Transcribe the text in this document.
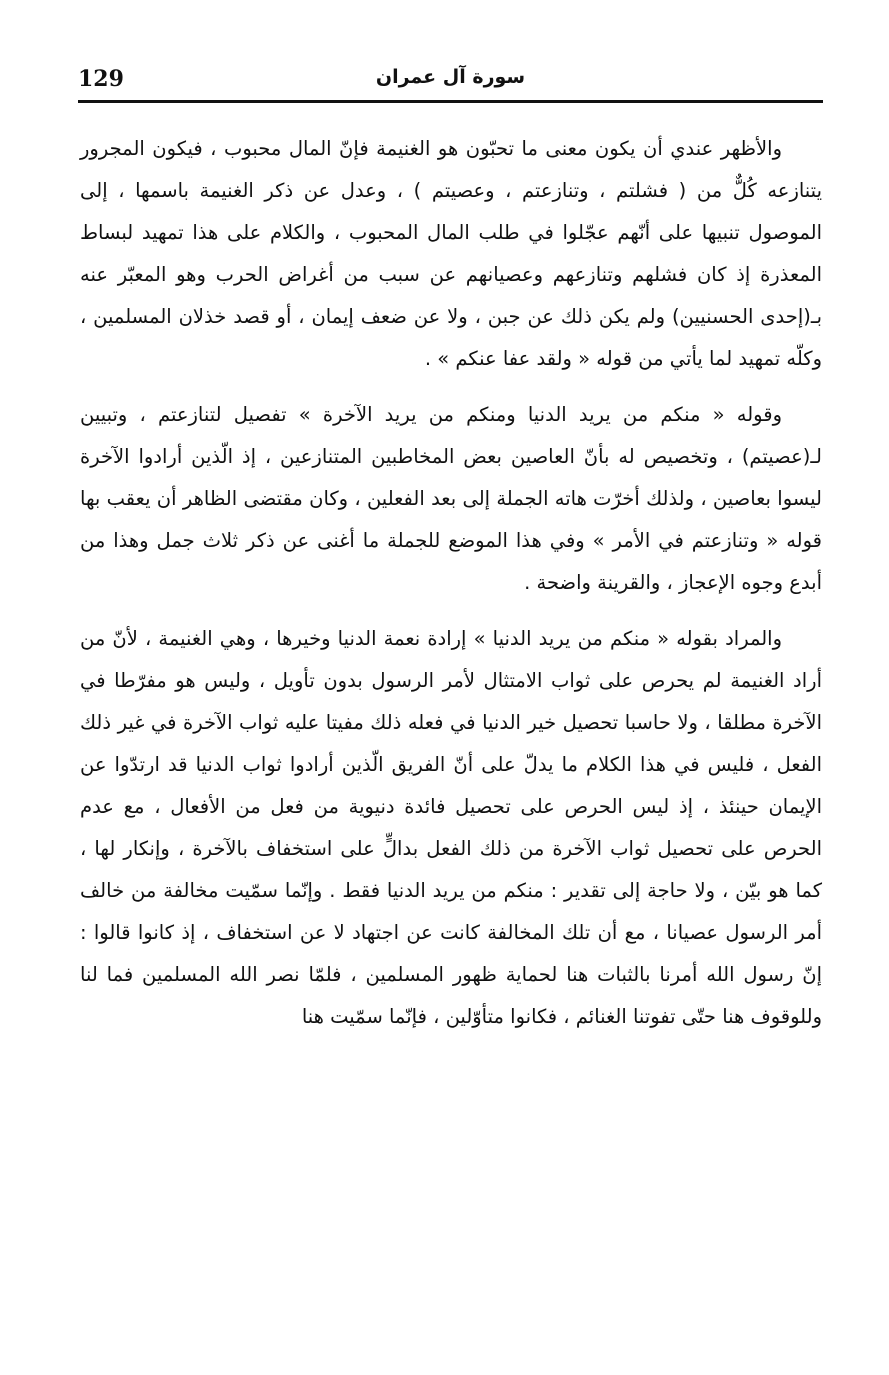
129	سورة آل عمران

والأظهر عندي أن يكون معنى ما تحبّون هو الغنيمة فإنّ المال محبوب ، فيكون المجرور يتنازعه كُلٌّ من ( فشلتم ، وتنازعتم ، وعصيتم ) ، وعدل عن ذكر الغنيمة باسمها ، إلى الموصول تنبيها على أنّهم عجّلوا في طلب المال المحبوب ، والكلام على هذا تمهيد لبساط المعذرة إذ كان فشلهم وتنازعهم وعصيانهم عن سبب من أغراض الحرب وهو المعبّر عنه بـ(إحدى الحسنيين) ولم يكن ذلك عن جبن ، ولا عن ضعف إيمان ، أو قصد خذلان المسلمين ، وكلّه تمهيد لما يأتي من قوله « ولقد عفا عنكم » .

وقوله « منكم من يريد الدنيا ومنكم من يريد الآخرة » تفصيل لتنازعتم ، وتبيين لـ(عصيتم) ، وتخصيص له بأنّ العاصين بعض المخاطبين المتنازعين ، إذ الّذين أرادوا الآخرة ليسوا بعاصين ، ولذلك أخرّت هاته الجملة إلى بعد الفعلين ، وكان مقتضى الظاهر أن يعقب بها قوله « وتنازعتم في الأمر » وفي هذا الموضع للجملة ما أغنى عن ذكر ثلاث جمل وهذا من أبدع وجوه الإعجاز ، والقرينة واضحة .

والمراد بقوله « منكم من يريد الدنيا » إرادة نعمة الدنيا وخيرها ، وهي الغنيمة ، لأنّ من أراد الغنيمة لم يحرص على ثواب الامتثال لأمر الرسول بدون تأويل ، وليس هو مفرّطا في الآخرة مطلقا ، ولا حاسبا تحصيل خير الدنيا في فعله ذلك مفيتا عليه ثواب الآخرة في غير ذلك الفعل ، فليس في هذا الكلام ما يدلّ على أنّ الفريق الّذين أرادوا ثواب الدنيا قد ارتدّوا عن الإيمان حينئذ ، إذ ليس الحرص على تحصيل فائدة دنيوية من فعل من الأفعال ، مع عدم الحرص على تحصيل ثواب الآخرة من ذلك الفعل بدالٍّ على استخفاف بالآخرة ، وإنكار لها ، كما هو بيّن ، ولا حاجة إلى تقدير : منكم من يريد الدنيا فقط . وإنّما سمّيت مخالفة من خالف أمر الرسول عصيانا ، مع أن تلك المخالفة كانت عن اجتهاد لا عن استخفاف ، إذ كانوا قالوا : إنّ رسول الله أمرنا بالثبات هنا لحماية ظهور المسلمين ، فلمّا نصر الله المسلمين فما لنا وللوقوف هنا حتّى تفوتنا الغنائم ، فكانوا متأوّلين ، فإنّما سمّيت هنا
